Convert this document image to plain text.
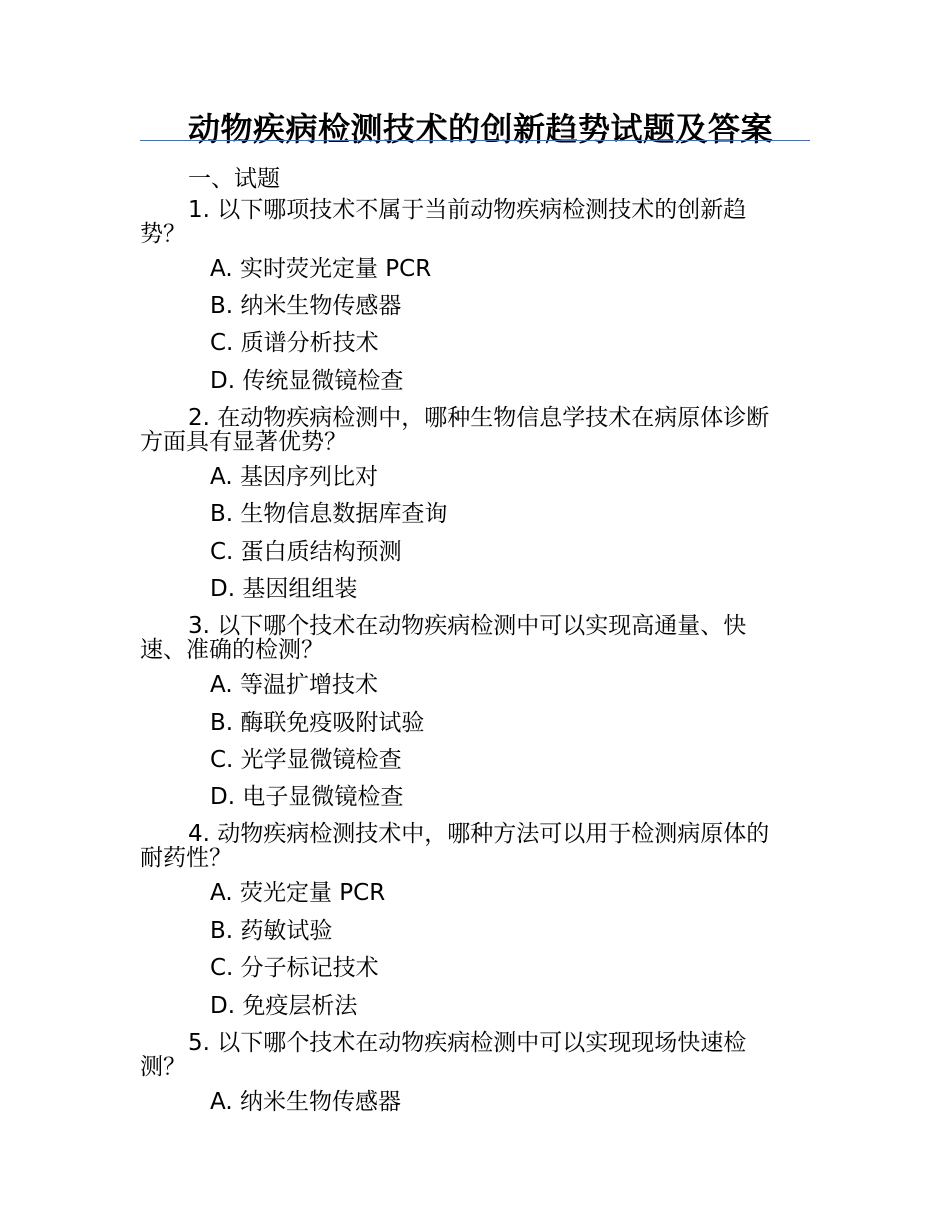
动物疾病检测技术的创新趋势试题及答案
一、试题
1. 以下哪项技术不属于当前动物疾病检测技术的创新趋
势？
A. 实时荧光定量 PCR
B. 纳米生物传感器
C. 质谱分析技术
D. 传统显微镜检查
2. 在动物疾病检测中，哪种生物信息学技术在病原体诊断
方面具有显著优势？
A. 基因序列比对
B. 生物信息数据库查询
C. 蛋白质结构预测
D. 基因组组装
3. 以下哪个技术在动物疾病检测中可以实现高通量、快
速、准确的检测？
A. 等温扩增技术
B. 酶联免疫吸附试验
C. 光学显微镜检查
D. 电子显微镜检查
4. 动物疾病检测技术中，哪种方法可以用于检测病原体的
耐药性？
A. 荧光定量 PCR
B. 药敏试验
C. 分子标记技术
D. 免疫层析法
5. 以下哪个技术在动物疾病检测中可以实现现场快速检
测？
A. 纳米生物传感器
